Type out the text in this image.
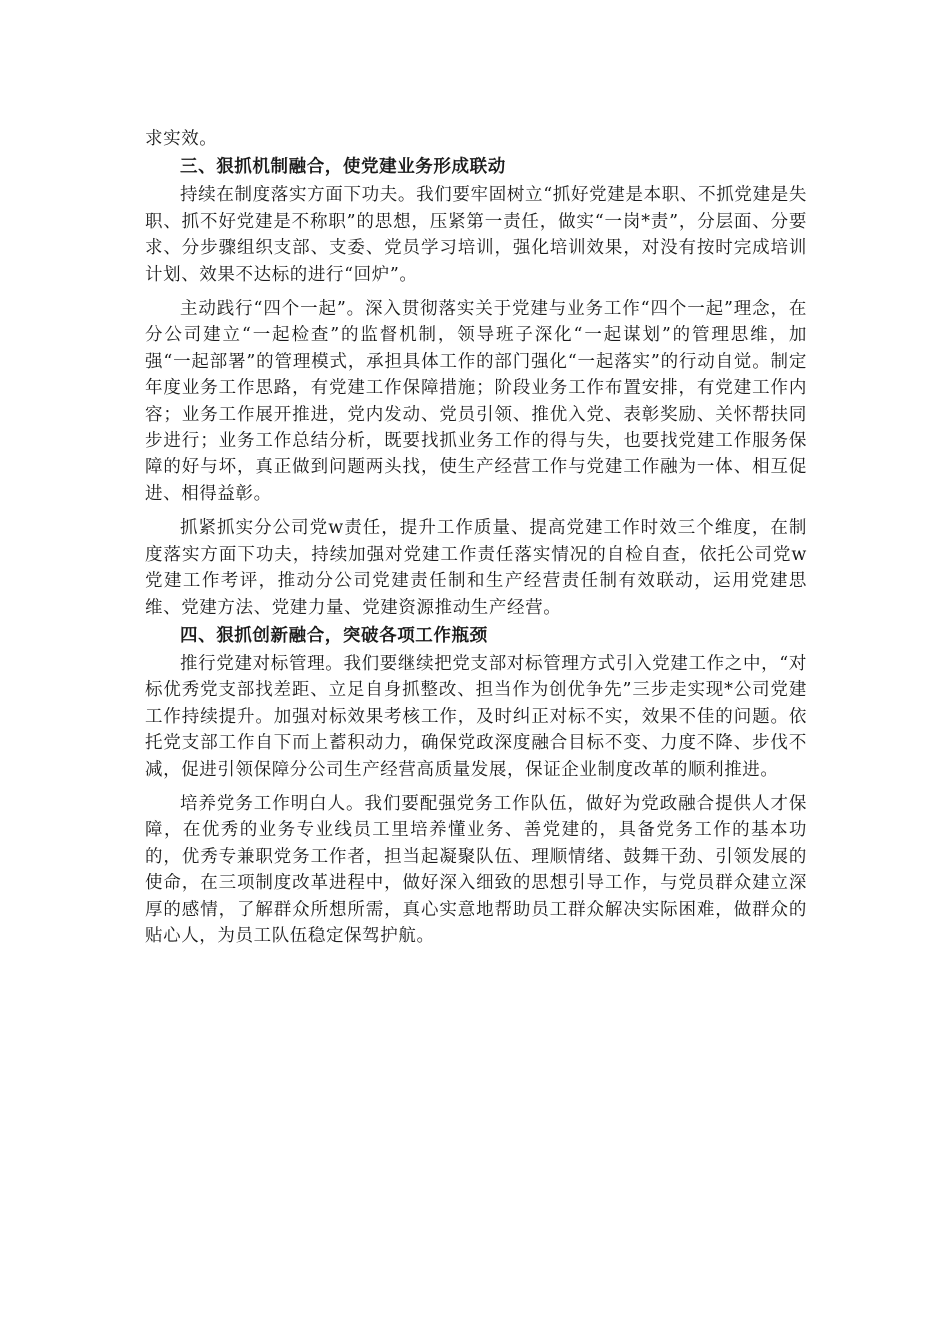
求实效。

三、狠抓机制融合，使党建业务形成联动

持续在制度落实方面下功夫。我们要牢固树立“抓好党建是本职、不抓党建是失职、抓不好党建是不称职”的思想，压紧第一责任，做实“一岗*责”，分层面、分要求、分步骤组织支部、支委、党员学习培训，强化培训效果，对没有按时完成培训计划、效果不达标的进行“回炉”。

主动践行“四个一起”。深入贯彻落实关于党建与业务工作“四个一起”理念，在分公司建立“一起检查”的监督机制，领导班子深化“一起谋划”的管理思维，加强“一起部署”的管理模式，承担具体工作的部门强化“一起落实”的行动自觉。制定年度业务工作思路，有党建工作保障措施；阶段业务工作布置安排，有党建工作内容；业务工作展开推进，党内发动、党员引领、推优入党、表彰奖励、关怀帮扶同步进行；业务工作总结分析，既要找抓业务工作的得与失，也要找党建工作服务保障的好与坏，真正做到问题两头找，使生产经营工作与党建工作融为一体、相互促进、相得益彰。

抓紧抓实分公司党w责任，提升工作质量、提高党建工作时效三个维度，在制度落实方面下功夫，持续加强对党建工作责任落实情况的自检自查，依托公司党w党建工作考评，推动分公司党建责任制和生产经营责任制有效联动，运用党建思维、党建方法、党建力量、党建资源推动生产经营。

四、狠抓创新融合，突破各项工作瓶颈

推行党建对标管理。我们要继续把党支部对标管理方式引入党建工作之中，“对标优秀党支部找差距、立足自身抓整改、担当作为创优争先”三步走实现*公司党建工作持续提升。加强对标效果考核工作，及时纠正对标不实，效果不佳的问题。依托党支部工作自下而上蓄积动力，确保党政深度融合目标不变、力度不降、步伐不减，促进引领保障分公司生产经营高质量发展，保证企业制度改革的顺利推进。

培养党务工作明白人。我们要配强党务工作队伍，做好为党政融合提供人才保障，在优秀的业务专业线员工里培养懂业务、善党建的，具备党务工作的基本功的，优秀专兼职党务工作者，担当起凝聚队伍、理顺情绪、鼓舞干劲、引领发展的使命，在三项制度改革进程中，做好深入细致的思想引导工作，与党员群众建立深厚的感情，了解群众所想所需，真心实意地帮助员工群众解决实际困难，做群众的贴心人，为员工队伍稳定保驾护航。
